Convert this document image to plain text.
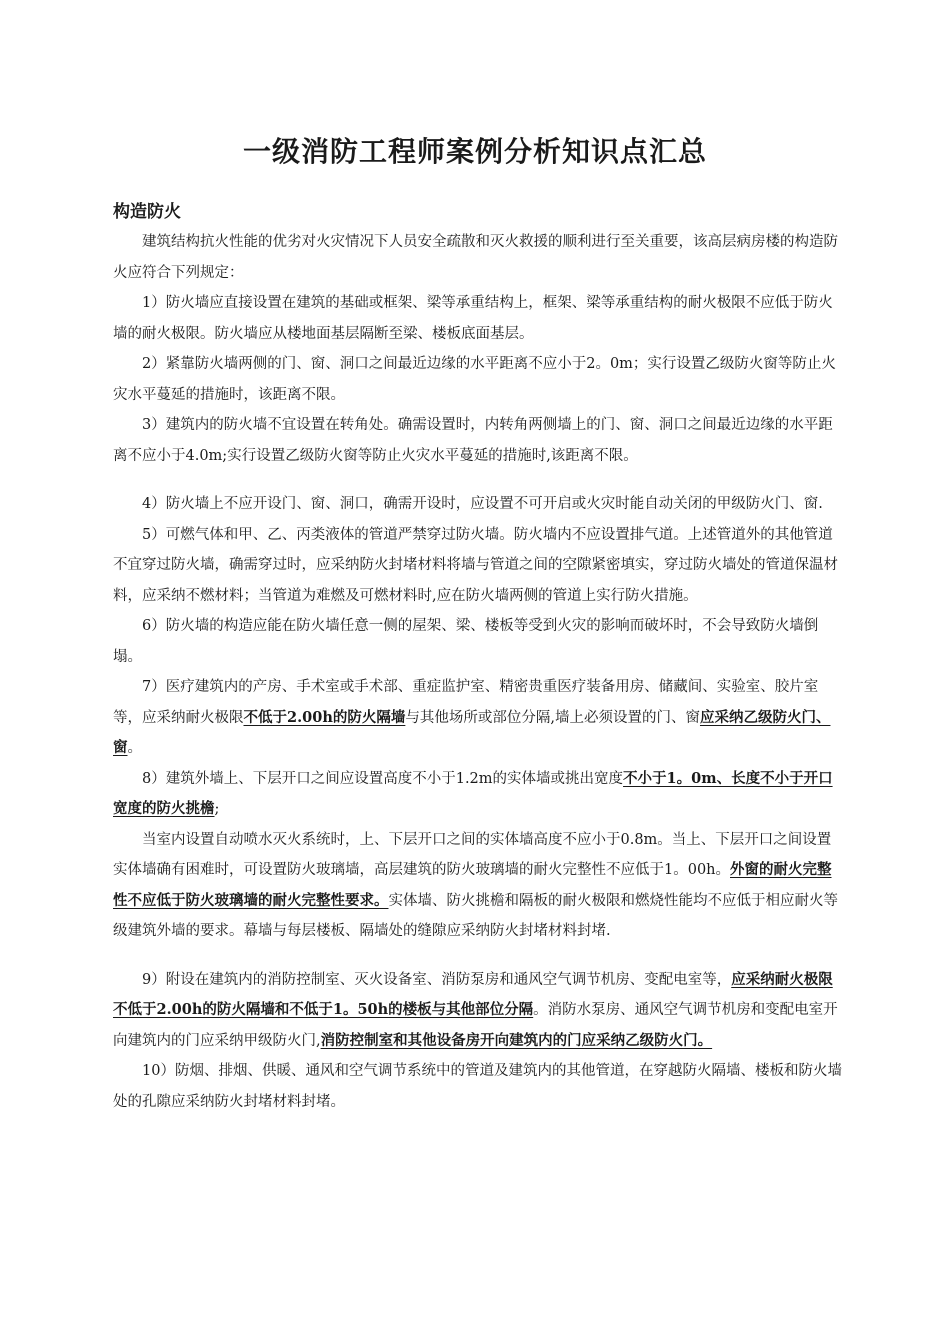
一级消防工程师案例分析知识点汇总
构造防火

建筑结构抗火性能的优劣对火灾情况下人员安全疏散和灭火救援的顺利进行至关重要，该高层病房楼的构造防火应符合下列规定：

1）防火墙应直接设置在建筑的基础或框架、梁等承重结构上，框架、梁等承重结构的耐火极限不应低于防火墙的耐火极限。防火墙应从楼地面基层隔断至梁、楼板底面基层。

2）紧靠防火墙两侧的门、窗、洞口之间最近边缘的水平距离不应小于2。0m；实行设置乙级防火窗等防止火灾水平蔓延的措施时，该距离不限。

3）建筑内的防火墙不宜设置在转角处。确需设置时，内转角两侧墙上的门、窗、洞口之间最近边缘的水平距离不应小于4.0m;实行设置乙级防火窗等防止火灾水平蔓延的措施时,该距离不限。

4）防火墙上不应开设门、窗、洞口，确需开设时，应设置不可开启或火灾时能自动关闭的甲级防火门、窗.

5）可燃气体和甲、乙、丙类液体的管道严禁穿过防火墙。防火墙内不应设置排气道。上述管道外的其他管道不宜穿过防火墙，确需穿过时，应采纳防火封堵材料将墙与管道之间的空隙紧密填实，穿过防火墙处的管道保温材料，应采纳不燃材料；当管道为难燃及可燃材料时,应在防火墙两侧的管道上实行防火措施。

6）防火墙的构造应能在防火墙任意一侧的屋架、梁、楼板等受到火灾的影响而破坏时，不会导致防火墙倒塌。

7）医疗建筑内的产房、手术室或手术部、重症监护室、精密贵重医疗装备用房、储藏间、实验室、胶片室等，应采纳耐火极限不低于2.00h的防火隔墙与其他场所或部位分隔,墙上必须设置的门、窗应采纳乙级防火门、窗。

8）建筑外墙上、下层开口之间应设置高度不小于1.2m的实体墙或挑出宽度不小于1。0m、长度不小于开口宽度的防火挑檐;

当室内设置自动喷水灭火系统时，上、下层开口之间的实体墙高度不应小于0.8m。当上、下层开口之间设置实体墙确有困难时，可设置防火玻璃墙，高层建筑的防火玻璃墙的耐火完整性不应低于1。00h。外窗的耐火完整性不应低于防火玻璃墙的耐火完整性要求。实体墙、防火挑檐和隔板的耐火极限和燃烧性能均不应低于相应耐火等级建筑外墙的要求。幕墙与每层楼板、隔墙处的缝隙应采纳防火封堵材料封堵.

9）附设在建筑内的消防控制室、灭火设备室、消防泵房和通风空气调节机房、变配电室等，应采纳耐火极限不低于2.00h的防火隔墙和不低于1。50h的楼板与其他部位分隔。消防水泵房、通风空气调节机房和变配电室开向建筑内的门应采纳甲级防火门,消防控制室和其他设备房开向建筑内的门应采纳乙级防火门。

10）防烟、排烟、供暖、通风和空气调节系统中的管道及建筑内的其他管道，在穿越防火隔墙、楼板和防火墙处的孔隙应采纳防火封堵材料封堵。
